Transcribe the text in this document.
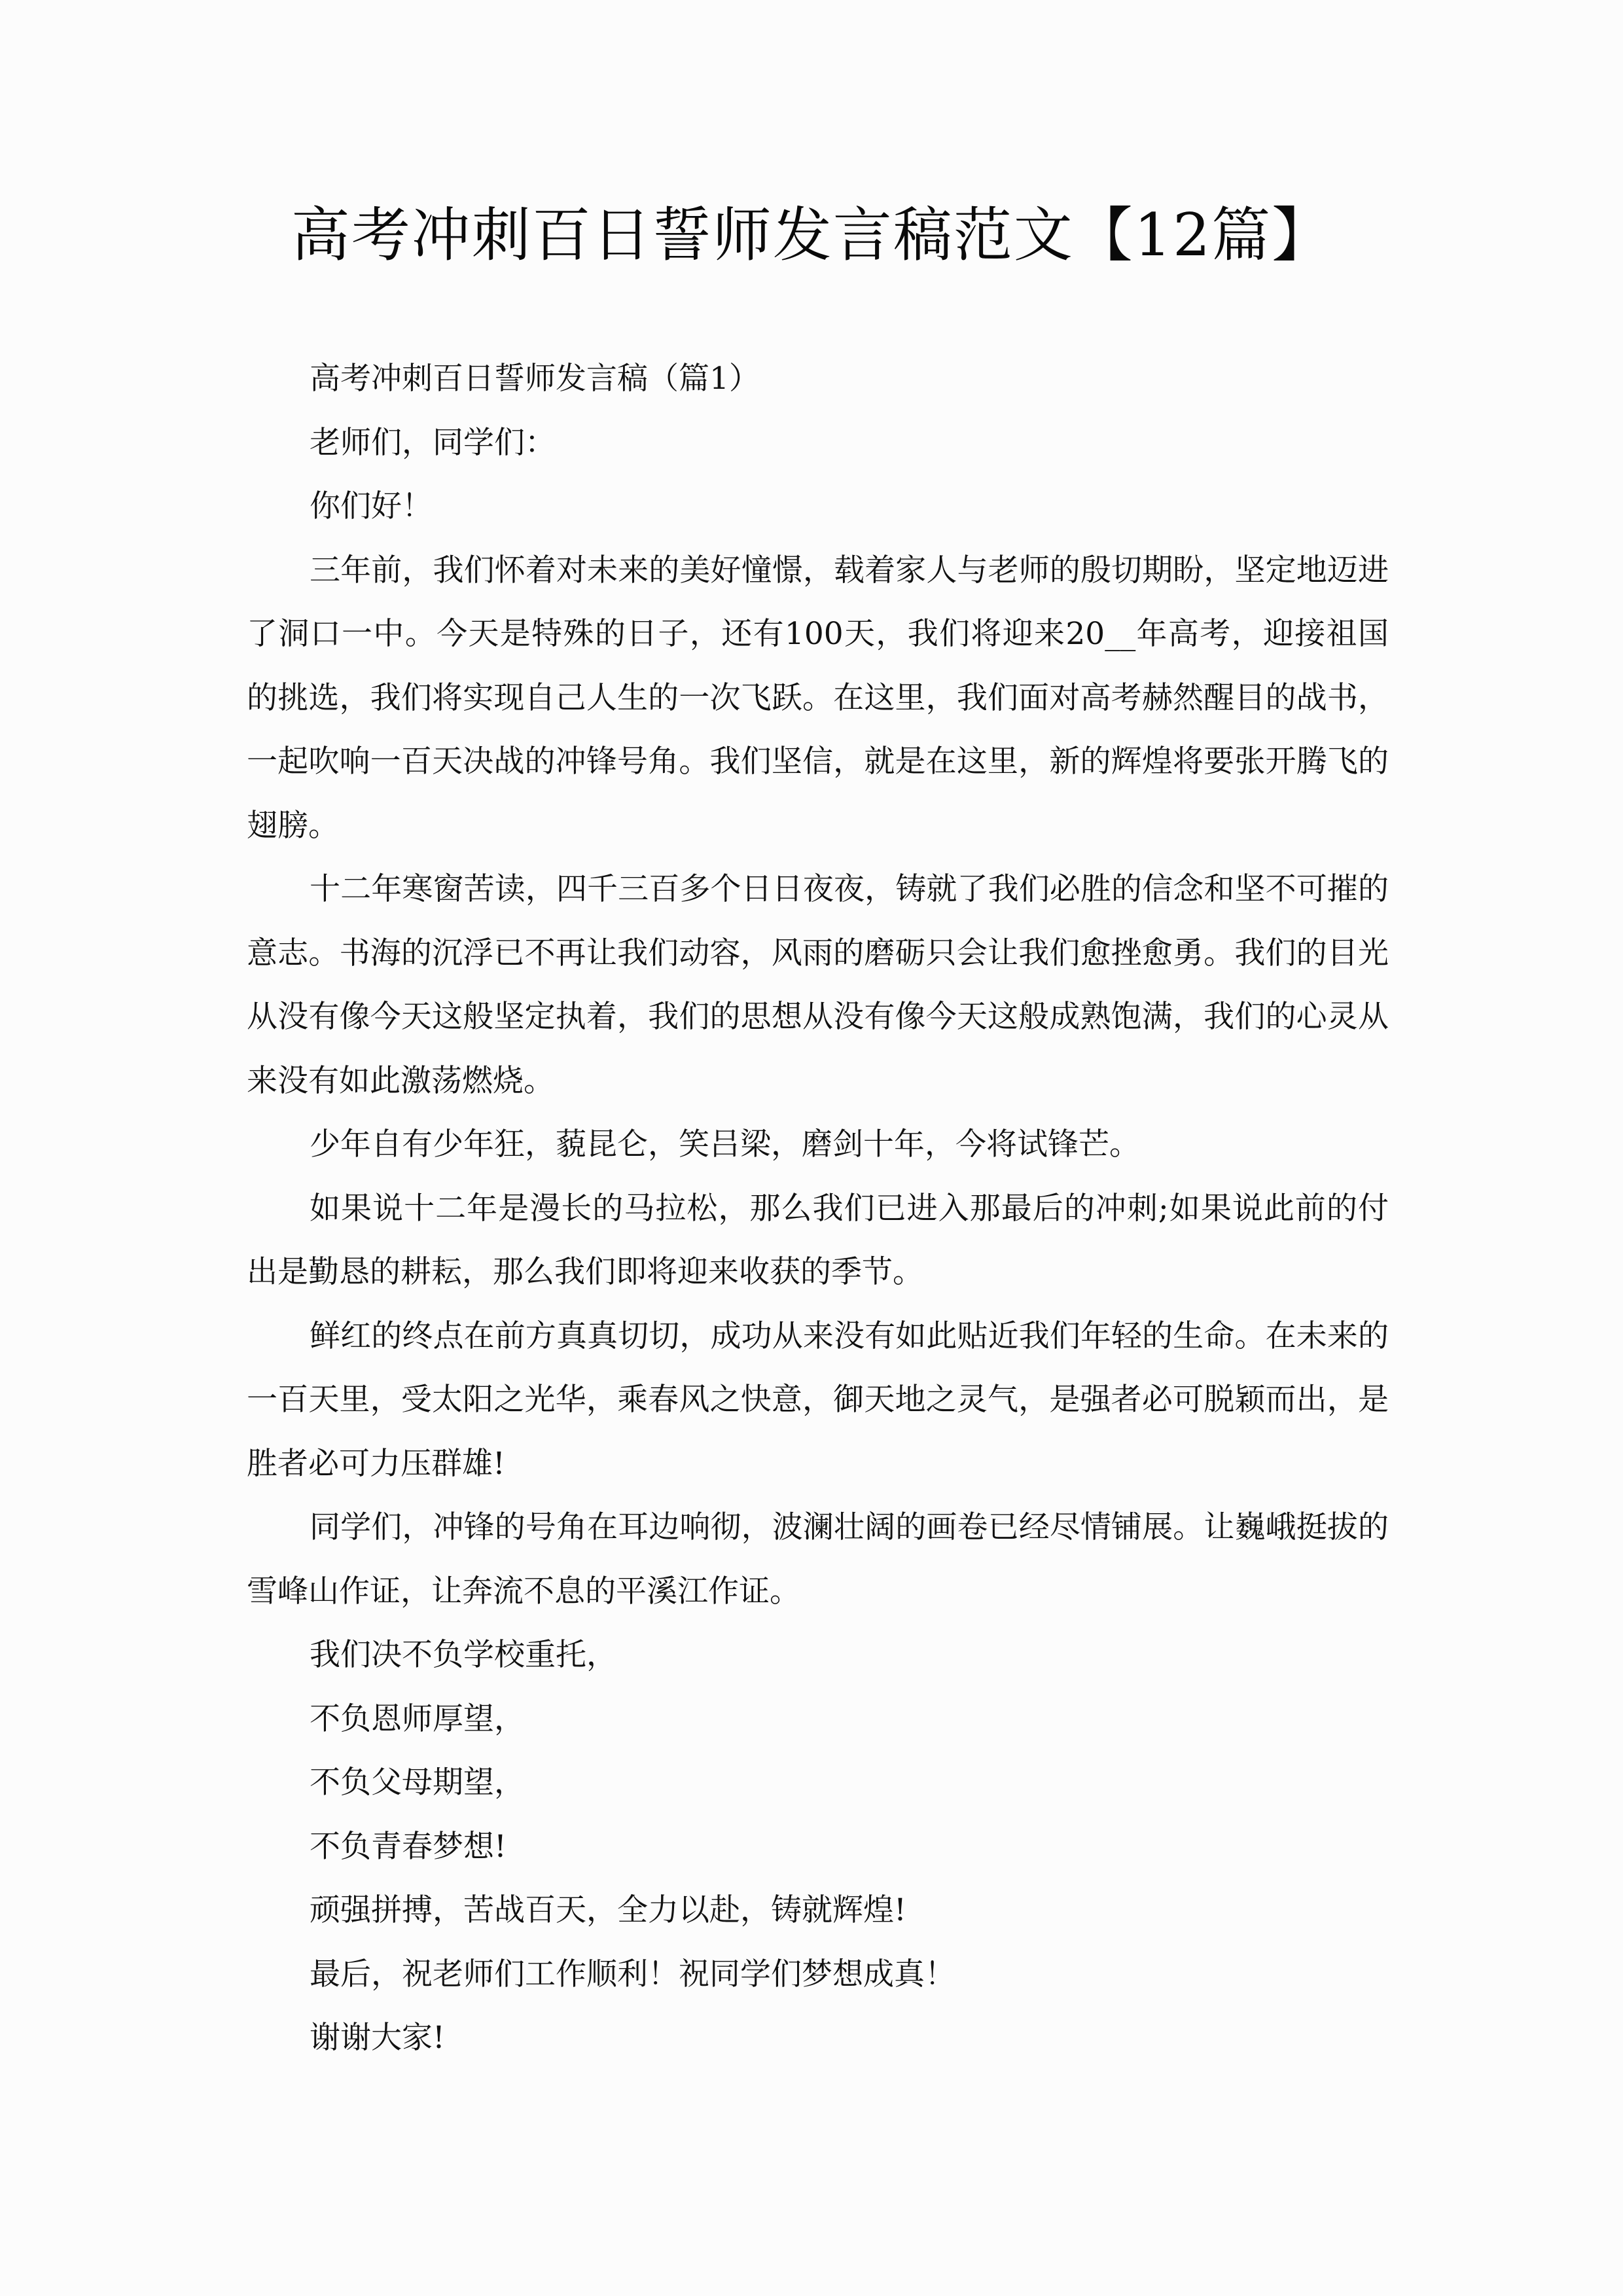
高考冲刺百日誓师发言稿范文【12篇】

高考冲刺百日誓师发言稿（篇1）

老师们，同学们：

你们好！

三年前，我们怀着对未来的美好憧憬，载着家人与老师的殷切期盼，坚定地迈进了洞口一中。今天是特殊的日子，还有100天，我们将迎来20__年高考，迎接祖国的挑选，我们将实现自己人生的一次飞跃。在这里，我们面对高考赫然醒目的战书，一起吹响一百天决战的冲锋号角。我们坚信，就是在这里，新的辉煌将要张开腾飞的翅膀。

十二年寒窗苦读，四千三百多个日日夜夜，铸就了我们必胜的信念和坚不可摧的意志。书海的沉浮已不再让我们动容，风雨的磨砺只会让我们愈挫愈勇。我们的目光从没有像今天这般坚定执着，我们的思想从没有像今天这般成熟饱满，我们的心灵从来没有如此激荡燃烧。

少年自有少年狂，藐昆仑，笑吕梁，磨剑十年，今将试锋芒。

如果说十二年是漫长的马拉松，那么我们已进入那最后的冲刺;如果说此前的付出是勤恳的耕耘，那么我们即将迎来收获的季节。

鲜红的终点在前方真真切切，成功从来没有如此贴近我们年轻的生命。在未来的一百天里，受太阳之光华，乘春风之快意，御天地之灵气，是强者必可脱颖而出，是胜者必可力压群雄!

同学们，冲锋的号角在耳边响彻，波澜壮阔的画卷已经尽情铺展。让巍峨挺拔的雪峰山作证，让奔流不息的平溪江作证。

我们决不负学校重托，

不负恩师厚望，

不负父母期望，

不负青春梦想!

顽强拼搏，苦战百天，全力以赴，铸就辉煌!

最后，祝老师们工作顺利！祝同学们梦想成真！

谢谢大家!
